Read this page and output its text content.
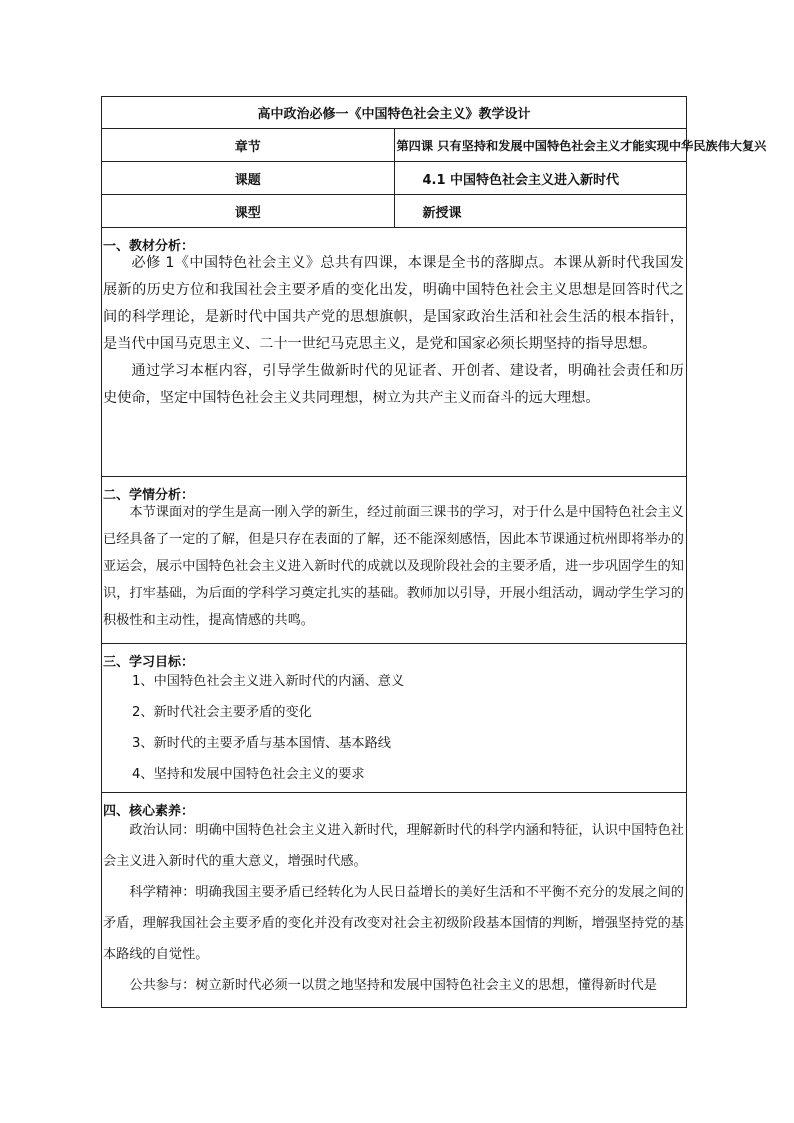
高中政治必修一《中国特色社会主义》教学设计	
章节	第四课 只有坚持和发展中国特色社会主义才能实现中华民族伟大复兴
课题	4.1 中国特色社会主义进入新时代
课型	新授课

一、教材分析：

必修 1《中国特色社会主义》总共有四课，本课是全书的落脚点。本课从新时代我国发展新的历史方位和我国社会主要矛盾的变化出发，明确中国特色社会主义思想是回答时代之间的科学理论，是新时代中国共产党的思想旗帜，是国家政治生活和社会生活的根本指针，是当代中国马克思主义、二十一世纪马克思主义，是党和国家必须长期坚持的指导思想。

通过学习本框内容，引导学生做新时代的见证者、开创者、建设者，明确社会责任和历史使命，坚定中国特色社会主义共同理想，树立为共产主义而奋斗的远大理想。	

二、学情分析：

本节课面对的学生是高一刚入学的新生，经过前面三课书的学习，对于什么是中国特色社会主义已经具备了一定的了解，但是只存在表面的了解，还不能深刻感悟，因此本节课通过杭州即将举办的亚运会，展示中国特色社会主义进入新时代的成就以及现阶段社会的主要矛盾，进一步巩固学生的知识，打牢基础，为后面的学科学习奠定扎实的基础。教师加以引导，开展小组活动，调动学生学习的积极性和主动性，提高情感的共鸣。	

三、学习目标：

1、中国特色社会主义进入新时代的内涵、意义

2、新时代社会主要矛盾的变化

3、新时代的主要矛盾与基本国情、基本路线

4、坚持和发展中国特色社会主义的要求	

四、核心素养：

政治认同：明确中国特色社会主义进入新时代，理解新时代的科学内涵和特征，认识中国特色社会主义进入新时代的重大意义，增强时代感。

科学精神：明确我国主要矛盾已经转化为人民日益增长的美好生活和不平衡不充分的发展之间的矛盾，理解我国社会主要矛盾的变化并没有改变对社会主初级阶段基本国情的判断，增强坚持党的基本路线的自觉性。

公共参与：树立新时代必须一以贯之地坚持和发展中国特色社会主义的思想，懂得新时代是	
